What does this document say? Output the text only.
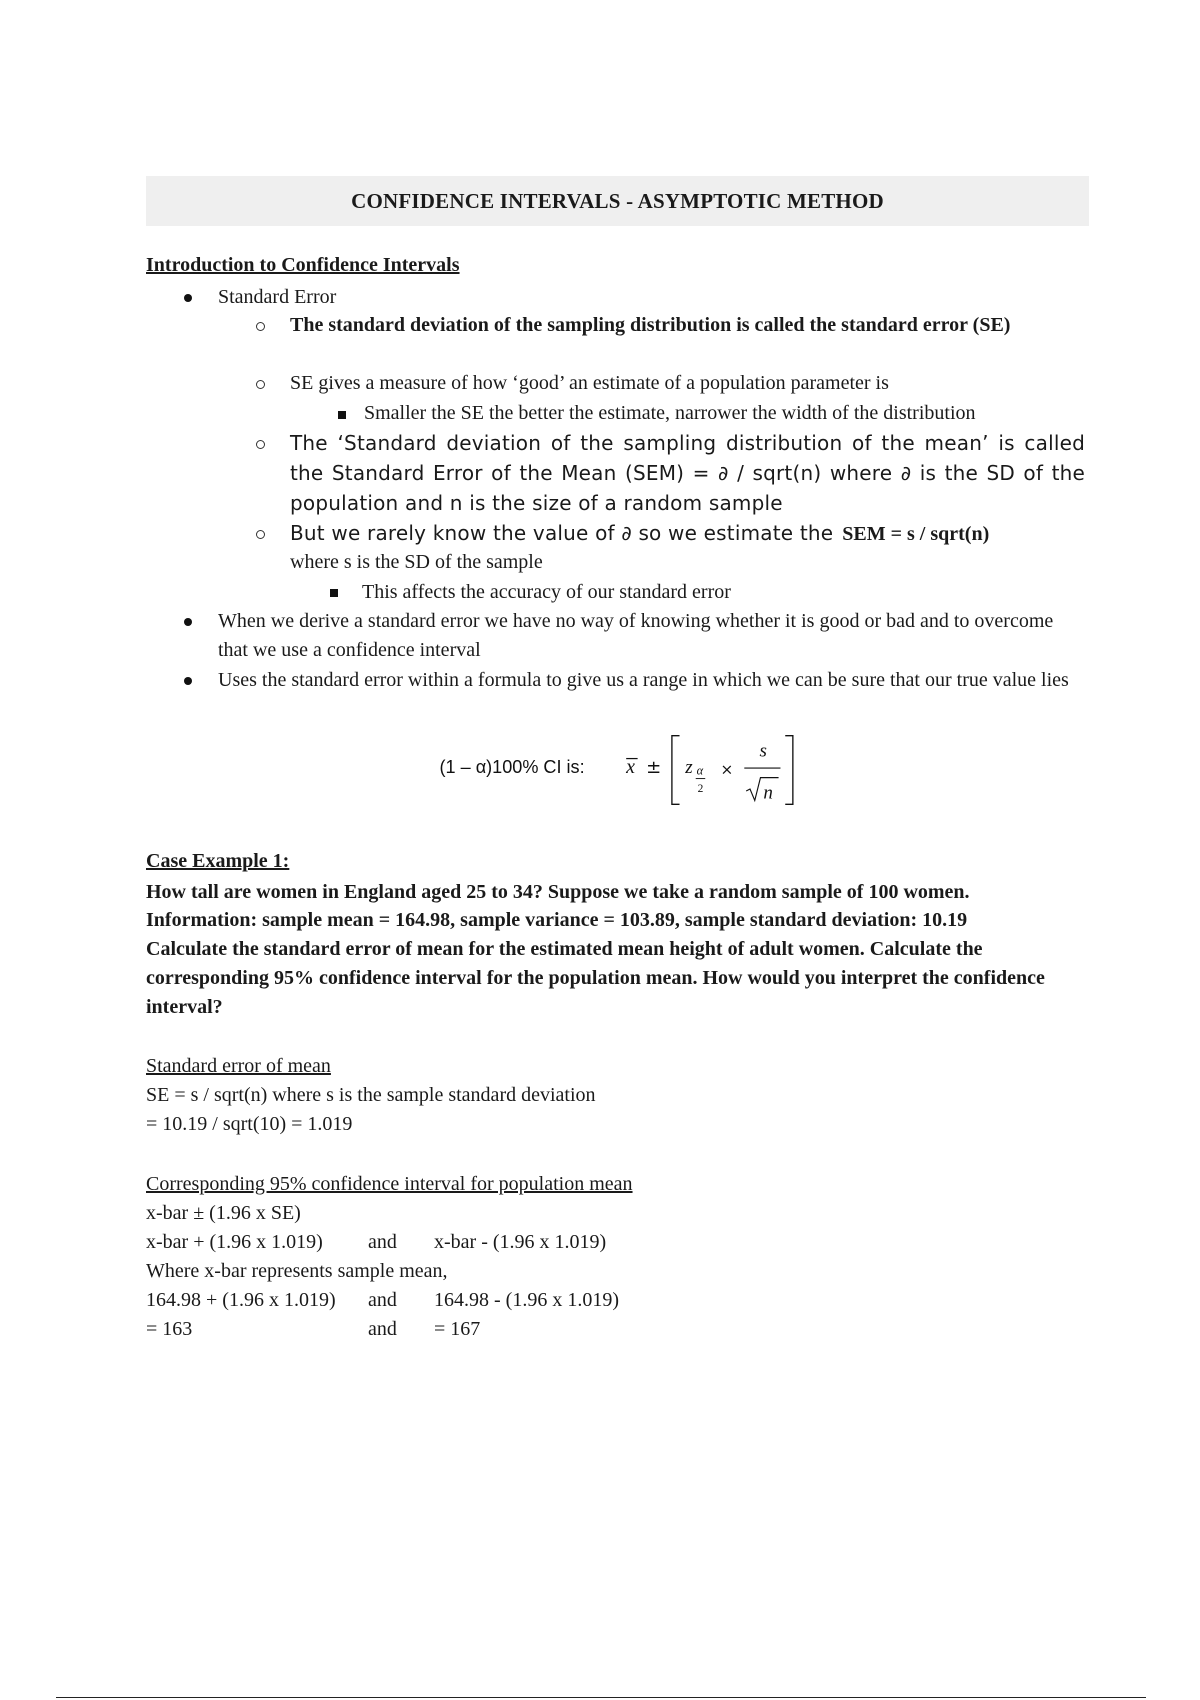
CONFIDENCE INTERVALS - ASYMPTOTIC METHOD
Introduction to Confidence Intervals
Standard Error
The standard deviation of the sampling distribution is called the standard error (SE)
SE gives a measure of how ‘good’ an estimate of a population parameter is
Smaller the SE the better the estimate, narrower the width of the distribution
The ‘Standard deviation of the sampling distribution of the mean’ is called the Standard Error of the Mean (SEM) = ∂ / sqrt(n) where ∂ is the SD of the population and n is the size of a random sample
But we rarely know the value of ∂ so we estimate the SEM = s / sqrt(n)
where s is the SD of the sample
This affects the accuracy of our standard error
When we derive a standard error we have no way of knowing whether it is good or bad and to overcome that we use a confidence interval
Uses the standard error within a formula to give us a range in which we can be sure that our true value lies
(1 – α)100% CI is: x ± z α
2
×
s
n
Case Example 1:
How tall are women in England aged 25 to 34? Suppose we take a random sample of 100 women.
Information: sample mean = 164.98, sample variance = 103.89, sample standard deviation: 10.19
Calculate the standard error of mean for the estimated mean height of adult women. Calculate the corresponding 95% confidence interval for the population mean. How would you interpret the confidence interval?
Standard error of mean
SE = s / sqrt(n) where s is the sample standard deviation
= 10.19 / sqrt(10) = 1.019
Corresponding 95% confidence interval for population mean
x-bar ± (1.96 x SE)
x-bar + (1.96 x 1.019) and x-bar - (1.96 x 1.019)
Where x-bar represents sample mean,
164.98 + (1.96 x 1.019) and 164.98 - (1.96 x 1.019)
= 163	and = 167
